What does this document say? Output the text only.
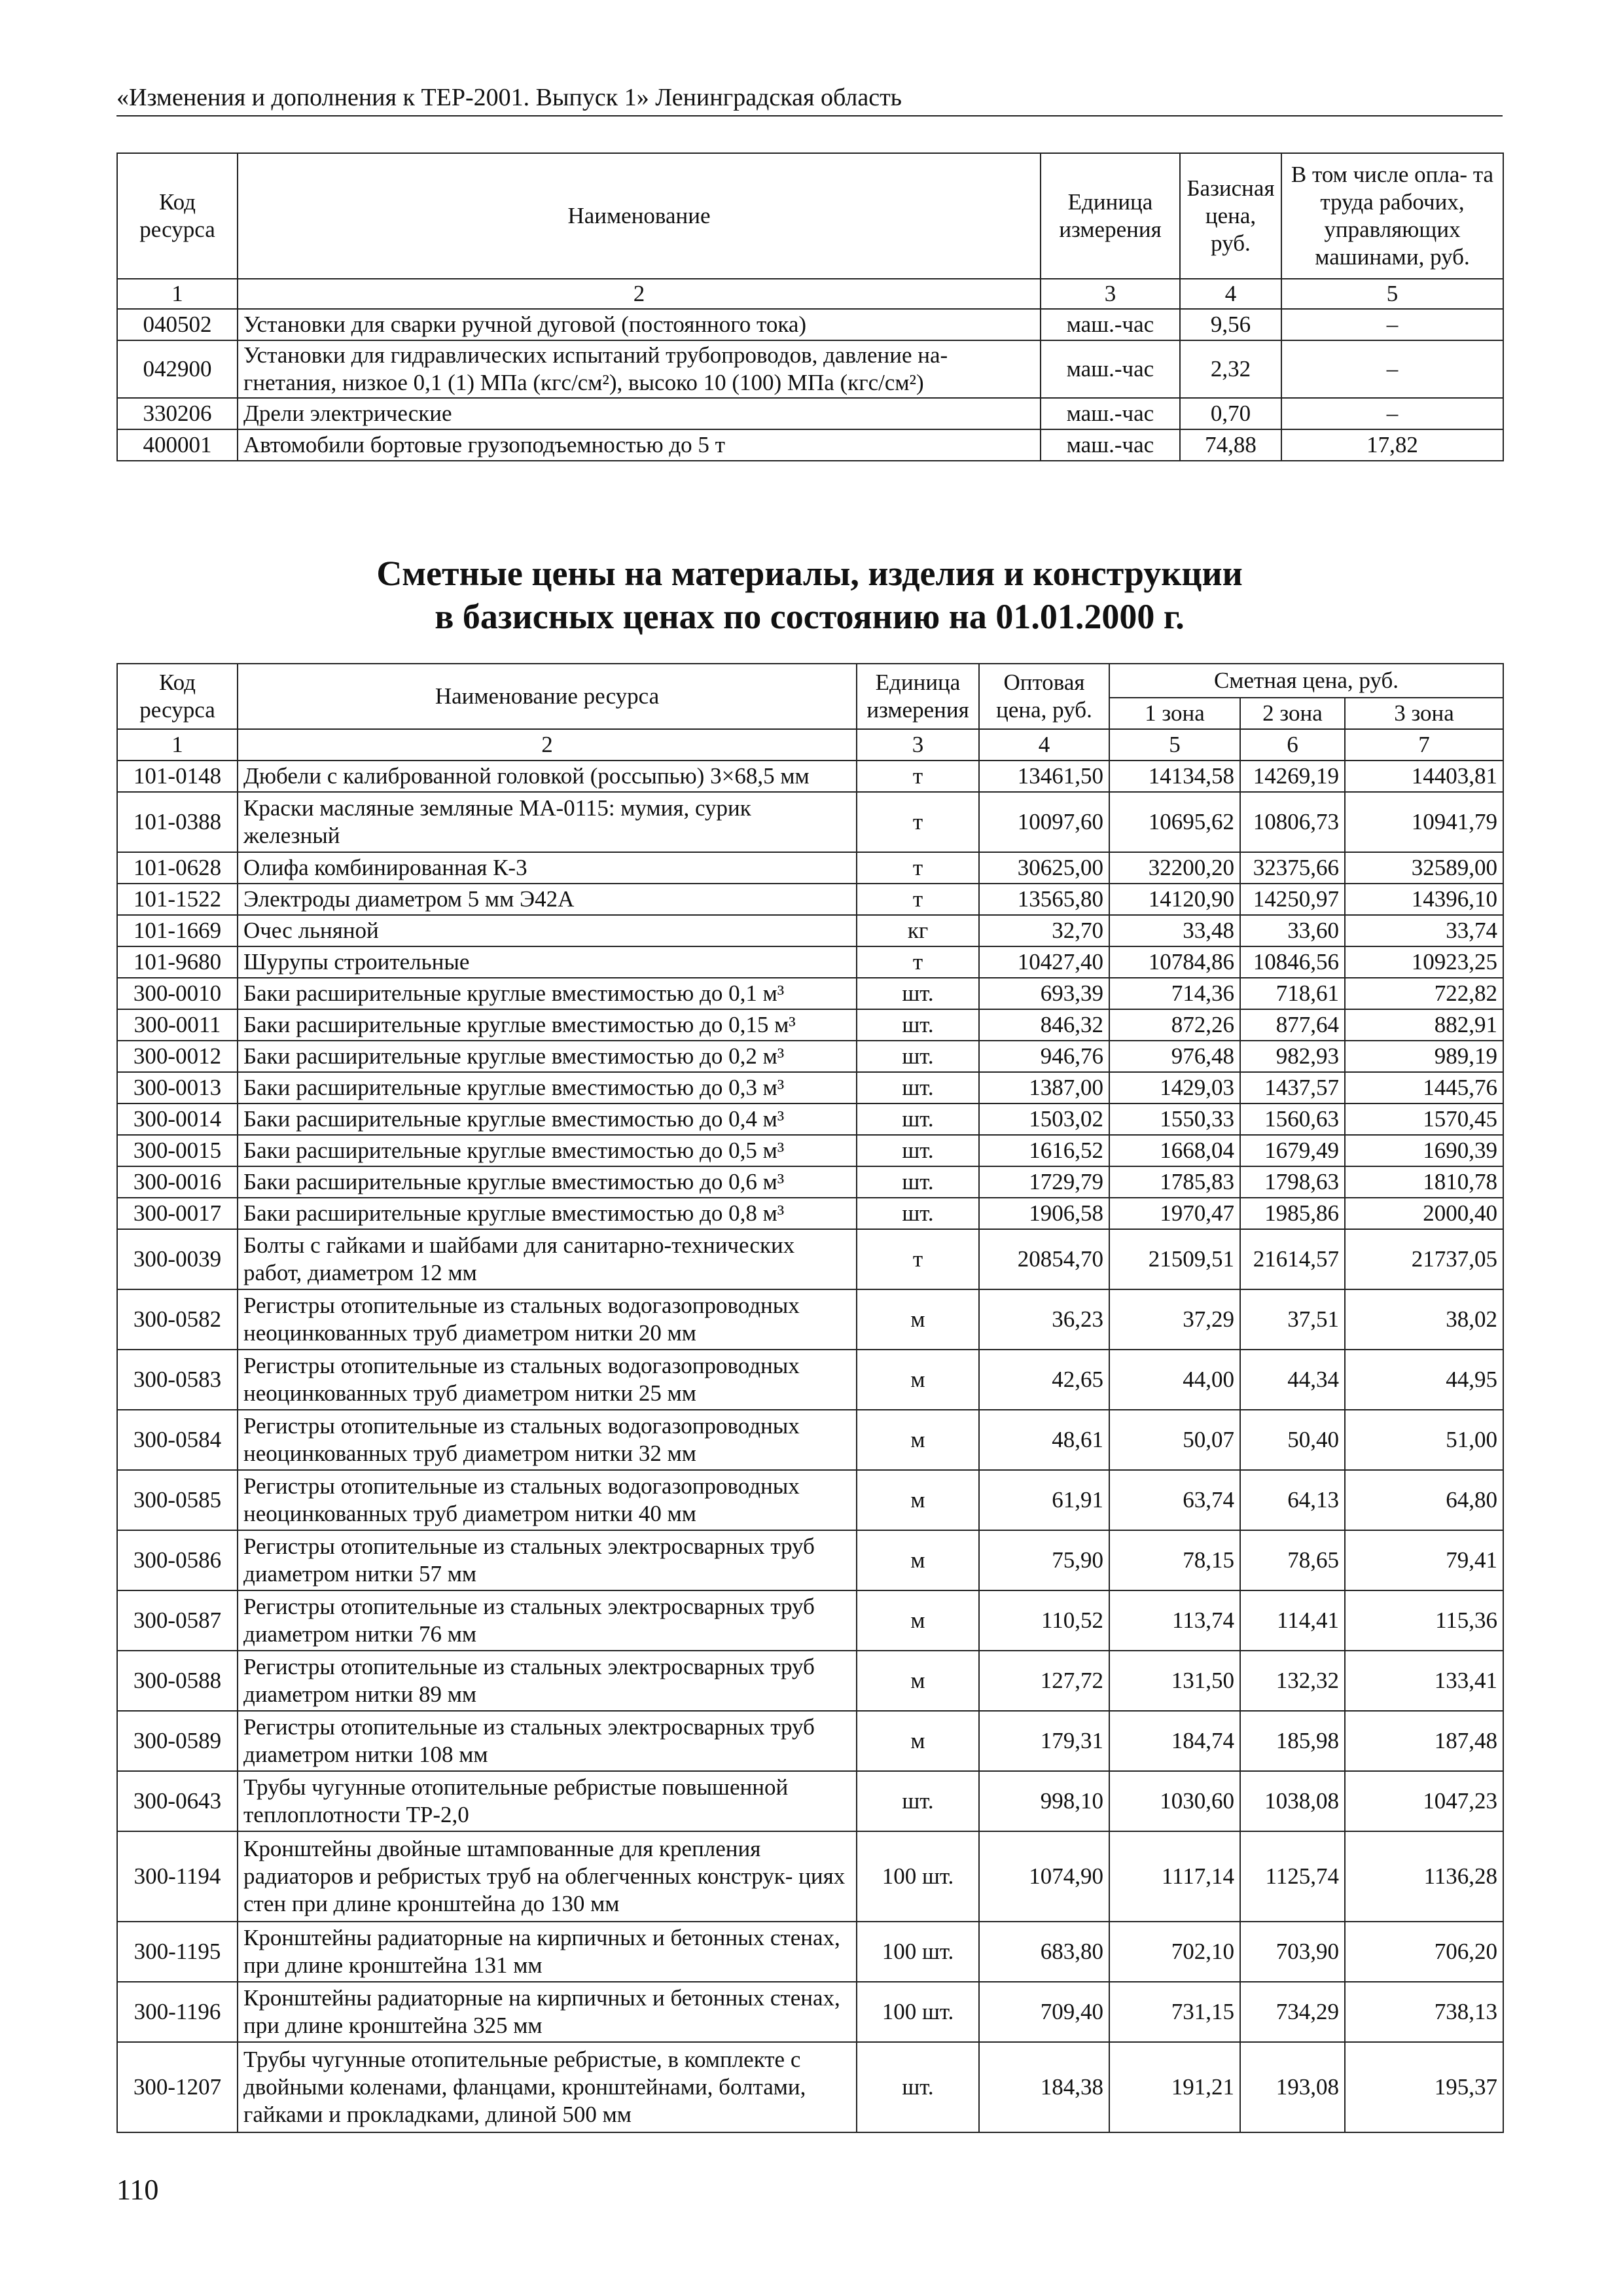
«Изменения и дополнения к ТЕР-2001. Выпуск 1» Ленинградская область
Код ресурса	Наименование	Единица измерения	Базисная цена, руб.	В том числе опла- та труда рабочих, управляющих машинами, руб.
1	2	3	4	5
040502	Установки для сварки ручной дуговой (постоянного тока)	маш.-час	9,56	–
042900	Установки для гидравлических испытаний трубопроводов, давление на- гнетания, низкое 0,1 (1) МПа (кгс/см²), высоко 10 (100) МПа (кгс/см²)	маш.-час	2,32	–
330206	Дрели электрические	маш.-час	0,70	–
400001	Автомобили бортовые грузоподъемностью до 5 т	маш.-час	74,88	17,82
Сметные цены на материалы, изделия и конструкции
в базисных ценах по состоянию на 01.01.2000 г.
Код ресурса	Наименование ресурса	Единица измерения	Оптовая цена, руб.	Сметная цена, руб.		
				1 зона	2 зона	3 зона
1	2	3	4	5	6	7
101-0148	Дюбели с калиброванной головкой (россыпью) 3×68,5 мм	т	13461,50	14134,58	14269,19	14403,81
101-0388	Краски масляные земляные МА-0115: мумия, сурик железный	т	10097,60	10695,62	10806,73	10941,79
101-0628	Олифа комбинированная К-3	т	30625,00	32200,20	32375,66	32589,00
101-1522	Электроды диаметром 5 мм Э42А	т	13565,80	14120,90	14250,97	14396,10
101-1669	Очес льняной	кг	32,70	33,48	33,60	33,74
101-9680	Шурупы строительные	т	10427,40	10784,86	10846,56	10923,25
300-0010	Баки расширительные круглые вместимостью до 0,1 м³	шт.	693,39	714,36	718,61	722,82
300-0011	Баки расширительные круглые вместимостью до 0,15 м³	шт.	846,32	872,26	877,64	882,91
300-0012	Баки расширительные круглые вместимостью до 0,2 м³	шт.	946,76	976,48	982,93	989,19
300-0013	Баки расширительные круглые вместимостью до 0,3 м³	шт.	1387,00	1429,03	1437,57	1445,76
300-0014	Баки расширительные круглые вместимостью до 0,4 м³	шт.	1503,02	1550,33	1560,63	1570,45
300-0015	Баки расширительные круглые вместимостью до 0,5 м³	шт.	1616,52	1668,04	1679,49	1690,39
300-0016	Баки расширительные круглые вместимостью до 0,6 м³	шт.	1729,79	1785,83	1798,63	1810,78
300-0017	Баки расширительные круглые вместимостью до 0,8 м³	шт.	1906,58	1970,47	1985,86	2000,40
300-0039	Болты с гайками и шайбами для санитарно-технических работ, диаметром 12 мм	т	20854,70	21509,51	21614,57	21737,05
300-0582	Регистры отопительные из стальных водогазопроводных неоцинкованных труб диаметром нитки 20 мм	м	36,23	37,29	37,51	38,02
300-0583	Регистры отопительные из стальных водогазопроводных неоцинкованных труб диаметром нитки 25 мм	м	42,65	44,00	44,34	44,95
300-0584	Регистры отопительные из стальных водогазопроводных неоцинкованных труб диаметром нитки 32 мм	м	48,61	50,07	50,40	51,00
300-0585	Регистры отопительные из стальных водогазопроводных неоцинкованных труб диаметром нитки 40 мм	м	61,91	63,74	64,13	64,80
300-0586	Регистры отопительные из стальных электросварных труб диаметром нитки 57 мм	м	75,90	78,15	78,65	79,41
300-0587	Регистры отопительные из стальных электросварных труб диаметром нитки 76 мм	м	110,52	113,74	114,41	115,36
300-0588	Регистры отопительные из стальных электросварных труб диаметром нитки 89 мм	м	127,72	131,50	132,32	133,41
300-0589	Регистры отопительные из стальных электросварных труб диаметром нитки 108 мм	м	179,31	184,74	185,98	187,48
300-0643	Трубы чугунные отопительные ребристые повышенной теплоплотности ТР-2,0	шт.	998,10	1030,60	1038,08	1047,23
300-1194	Кронштейны двойные штампованные для крепления радиаторов и ребристых труб на облегченных конструк- циях стен при длине кронштейна до 130 мм	100 шт.	1074,90	1117,14	1125,74	1136,28
300-1195	Кронштейны радиаторные на кирпичных и бетонных стенах, при длине кронштейна 131 мм	100 шт.	683,80	702,10	703,90	706,20
300-1196	Кронштейны радиаторные на кирпичных и бетонных стенах, при длине кронштейна 325 мм	100 шт.	709,40	731,15	734,29	738,13
300-1207	Трубы чугунные отопительные ребристые, в комплекте с двойными коленами, фланцами, кронштейнами, болтами, гайками и прокладками, длиной 500 мм	шт.	184,38	191,21	193,08	195,37
110
